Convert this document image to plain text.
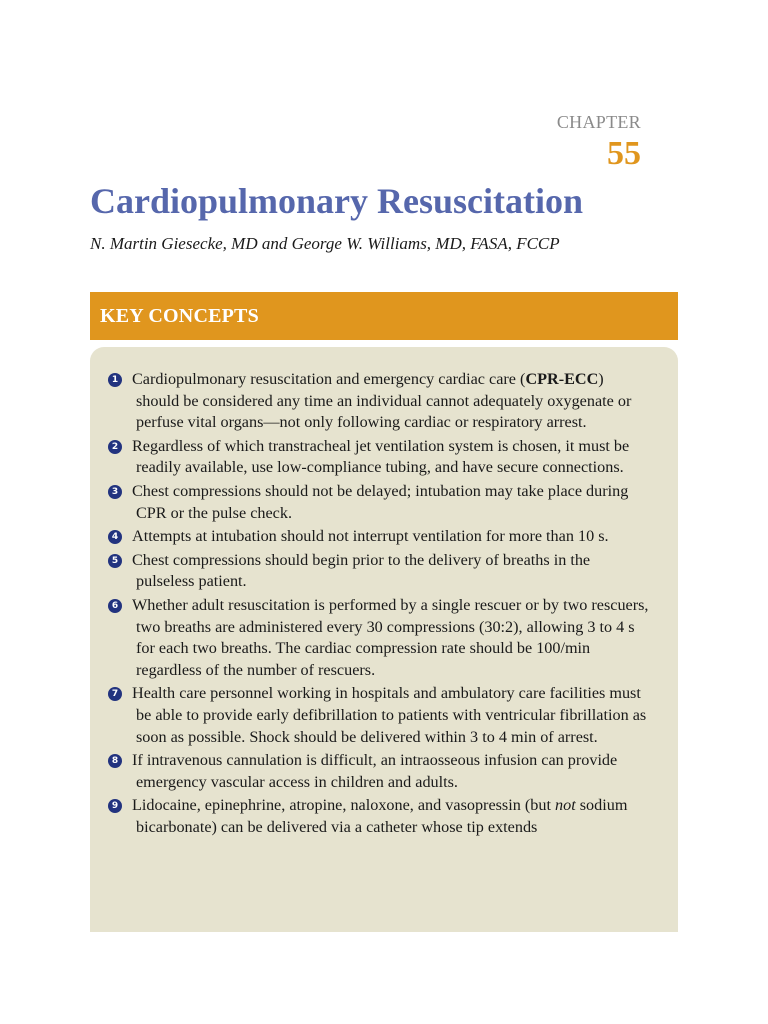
CHAPTER
55
Cardiopulmonary Resuscitation
N. Martin Giesecke, MD and George W. Williams, MD, FASA, FCCP
KEY CONCEPTS
1 Cardiopulmonary resuscitation and emergency cardiac care (CPR-ECC) should be considered any time an individual cannot adequately oxygenate or perfuse vital organs—not only following cardiac or respiratory arrest.
2 Regardless of which transtracheal jet ventilation system is chosen, it must be readily available, use low-compliance tubing, and have secure connections.
3 Chest compressions should not be delayed; intubation may take place during CPR or the pulse check.
4 Attempts at intubation should not interrupt ventilation for more than 10 s.
5 Chest compressions should begin prior to the delivery of breaths in the pulseless patient.
6 Whether adult resuscitation is performed by a single rescuer or by two rescuers, two breaths are administered every 30 compressions (30:2), allowing 3 to 4 s for each two breaths. The cardiac compression rate should be 100/min regardless of the number of rescuers.
7 Health care personnel working in hospitals and ambulatory care facilities must be able to provide early defibrillation to patients with ventricular fibrillation as soon as possible. Shock should be delivered within 3 to 4 min of arrest.
8 If intravenous cannulation is difficult, an intraosseous infusion can provide emergency vascular access in children and adults.
9 Lidocaine, epinephrine, atropine, naloxone, and vasopressin (but not sodium bicarbonate) can be delivered via a catheter whose tip extends
